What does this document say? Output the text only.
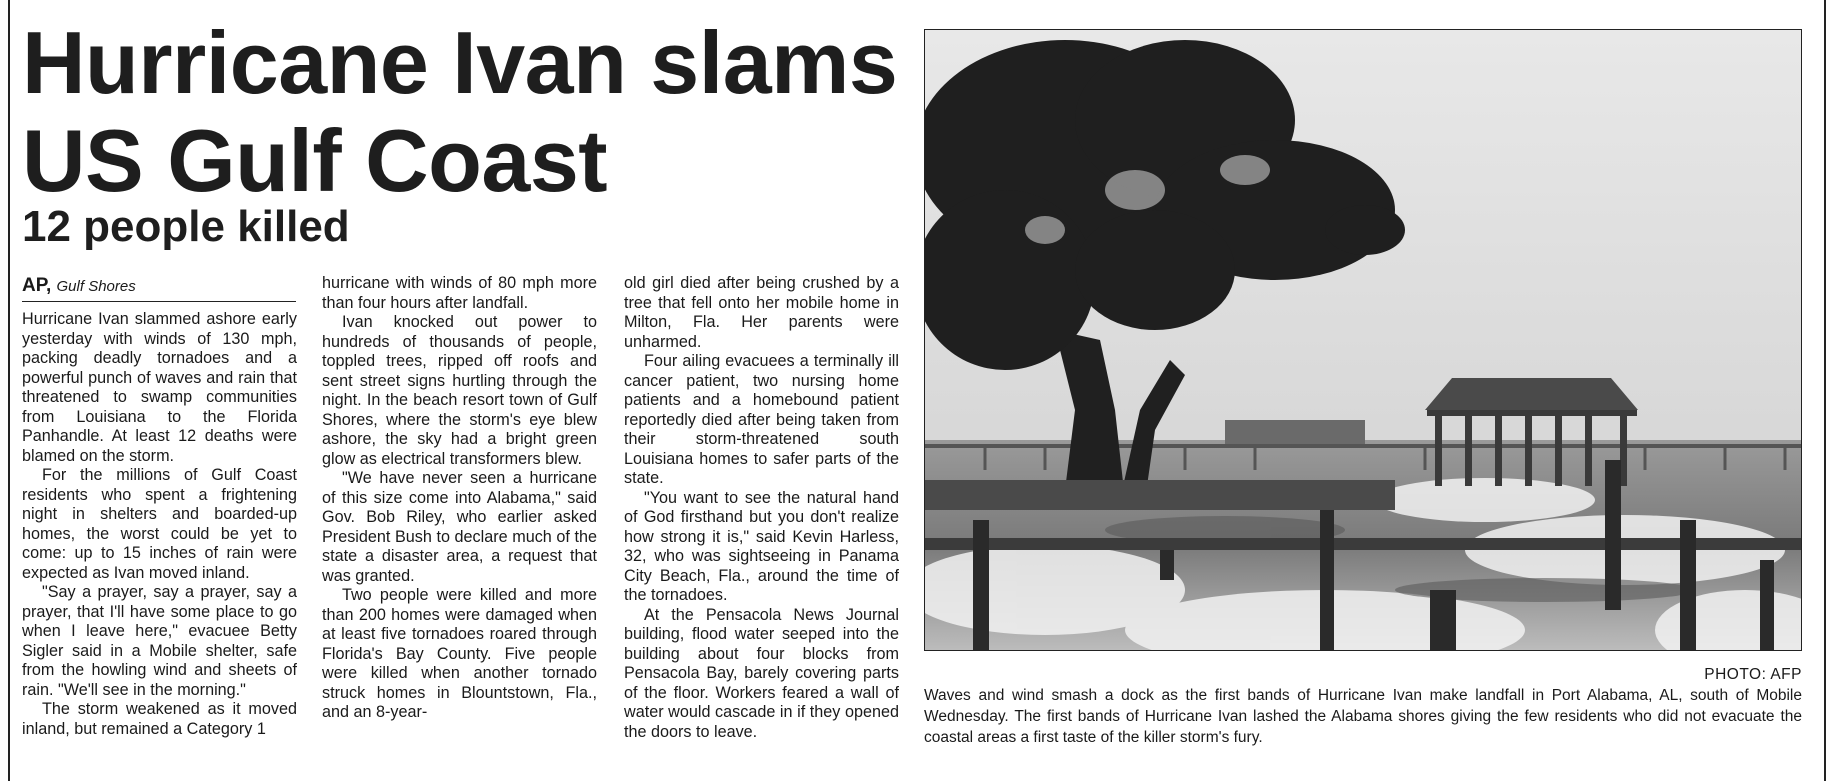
Hurricane Ivan slams US Gulf Coast
12 people killed
AP, Gulf Shores

Hurricane Ivan slammed ashore early yesterday with winds of 130 mph, packing deadly tornadoes and a powerful punch of waves and rain that threatened to swamp communities from Louisiana to the Florida Panhandle. At least 12 deaths were blamed on the storm.

For the millions of Gulf Coast residents who spent a frightening night in shelters and boarded-up homes, the worst could be yet to come: up to 15 inches of rain were expected as Ivan moved inland.

"Say a prayer, say a prayer, say a prayer, that I'll have some place to go when I leave here," evacuee Betty Sigler said in a Mobile shelter, safe from the howling wind and sheets of rain. "We'll see in the morning."

The storm weakened as it moved inland, but remained a Category 1

hurricane with winds of 80 mph more than four hours after landfall.

Ivan knocked out power to hundreds of thousands of people, toppled trees, ripped off roofs and sent street signs hurtling through the night. In the beach resort town of Gulf Shores, where the storm's eye blew ashore, the sky had a bright green glow as electrical transformers blew.

"We have never seen a hurricane of this size come into Alabama," said Gov. Bob Riley, who earlier asked President Bush to declare much of the state a disaster area, a request that was granted.

Two people were killed and more than 200 homes were damaged when at least five tornadoes roared through Florida's Bay County. Five people were killed when another tornado struck homes in Blountstown, Fla., and an 8-year-

old girl died after being crushed by a tree that fell onto her mobile home in Milton, Fla. Her parents were unharmed.

Four ailing evacuees a terminally ill cancer patient, two nursing home patients and a homebound patient reportedly died after being taken from their storm-threatened south Louisiana homes to safer parts of the state.

"You want to see the natural hand of God firsthand but you don't realize how strong it is," said Kevin Harless, 32, who was sightseeing in Panama City Beach, Fla., around the time of the tornadoes.

At the Pensacola News Journal building, flood water seeped into the building about four blocks from Pensacola Bay, barely covering parts of the floor. Workers feared a wall of water would cascade in if they opened the doors to leave.

PHOTO: AFP

Waves and wind smash a dock as the first bands of Hurricane Ivan make landfall in Port Alabama, AL, south of Mobile Wednesday. The first bands of Hurricane Ivan lashed the Alabama shores giving the few residents who did not evacuate the coastal areas a first taste of the killer storm's fury.
